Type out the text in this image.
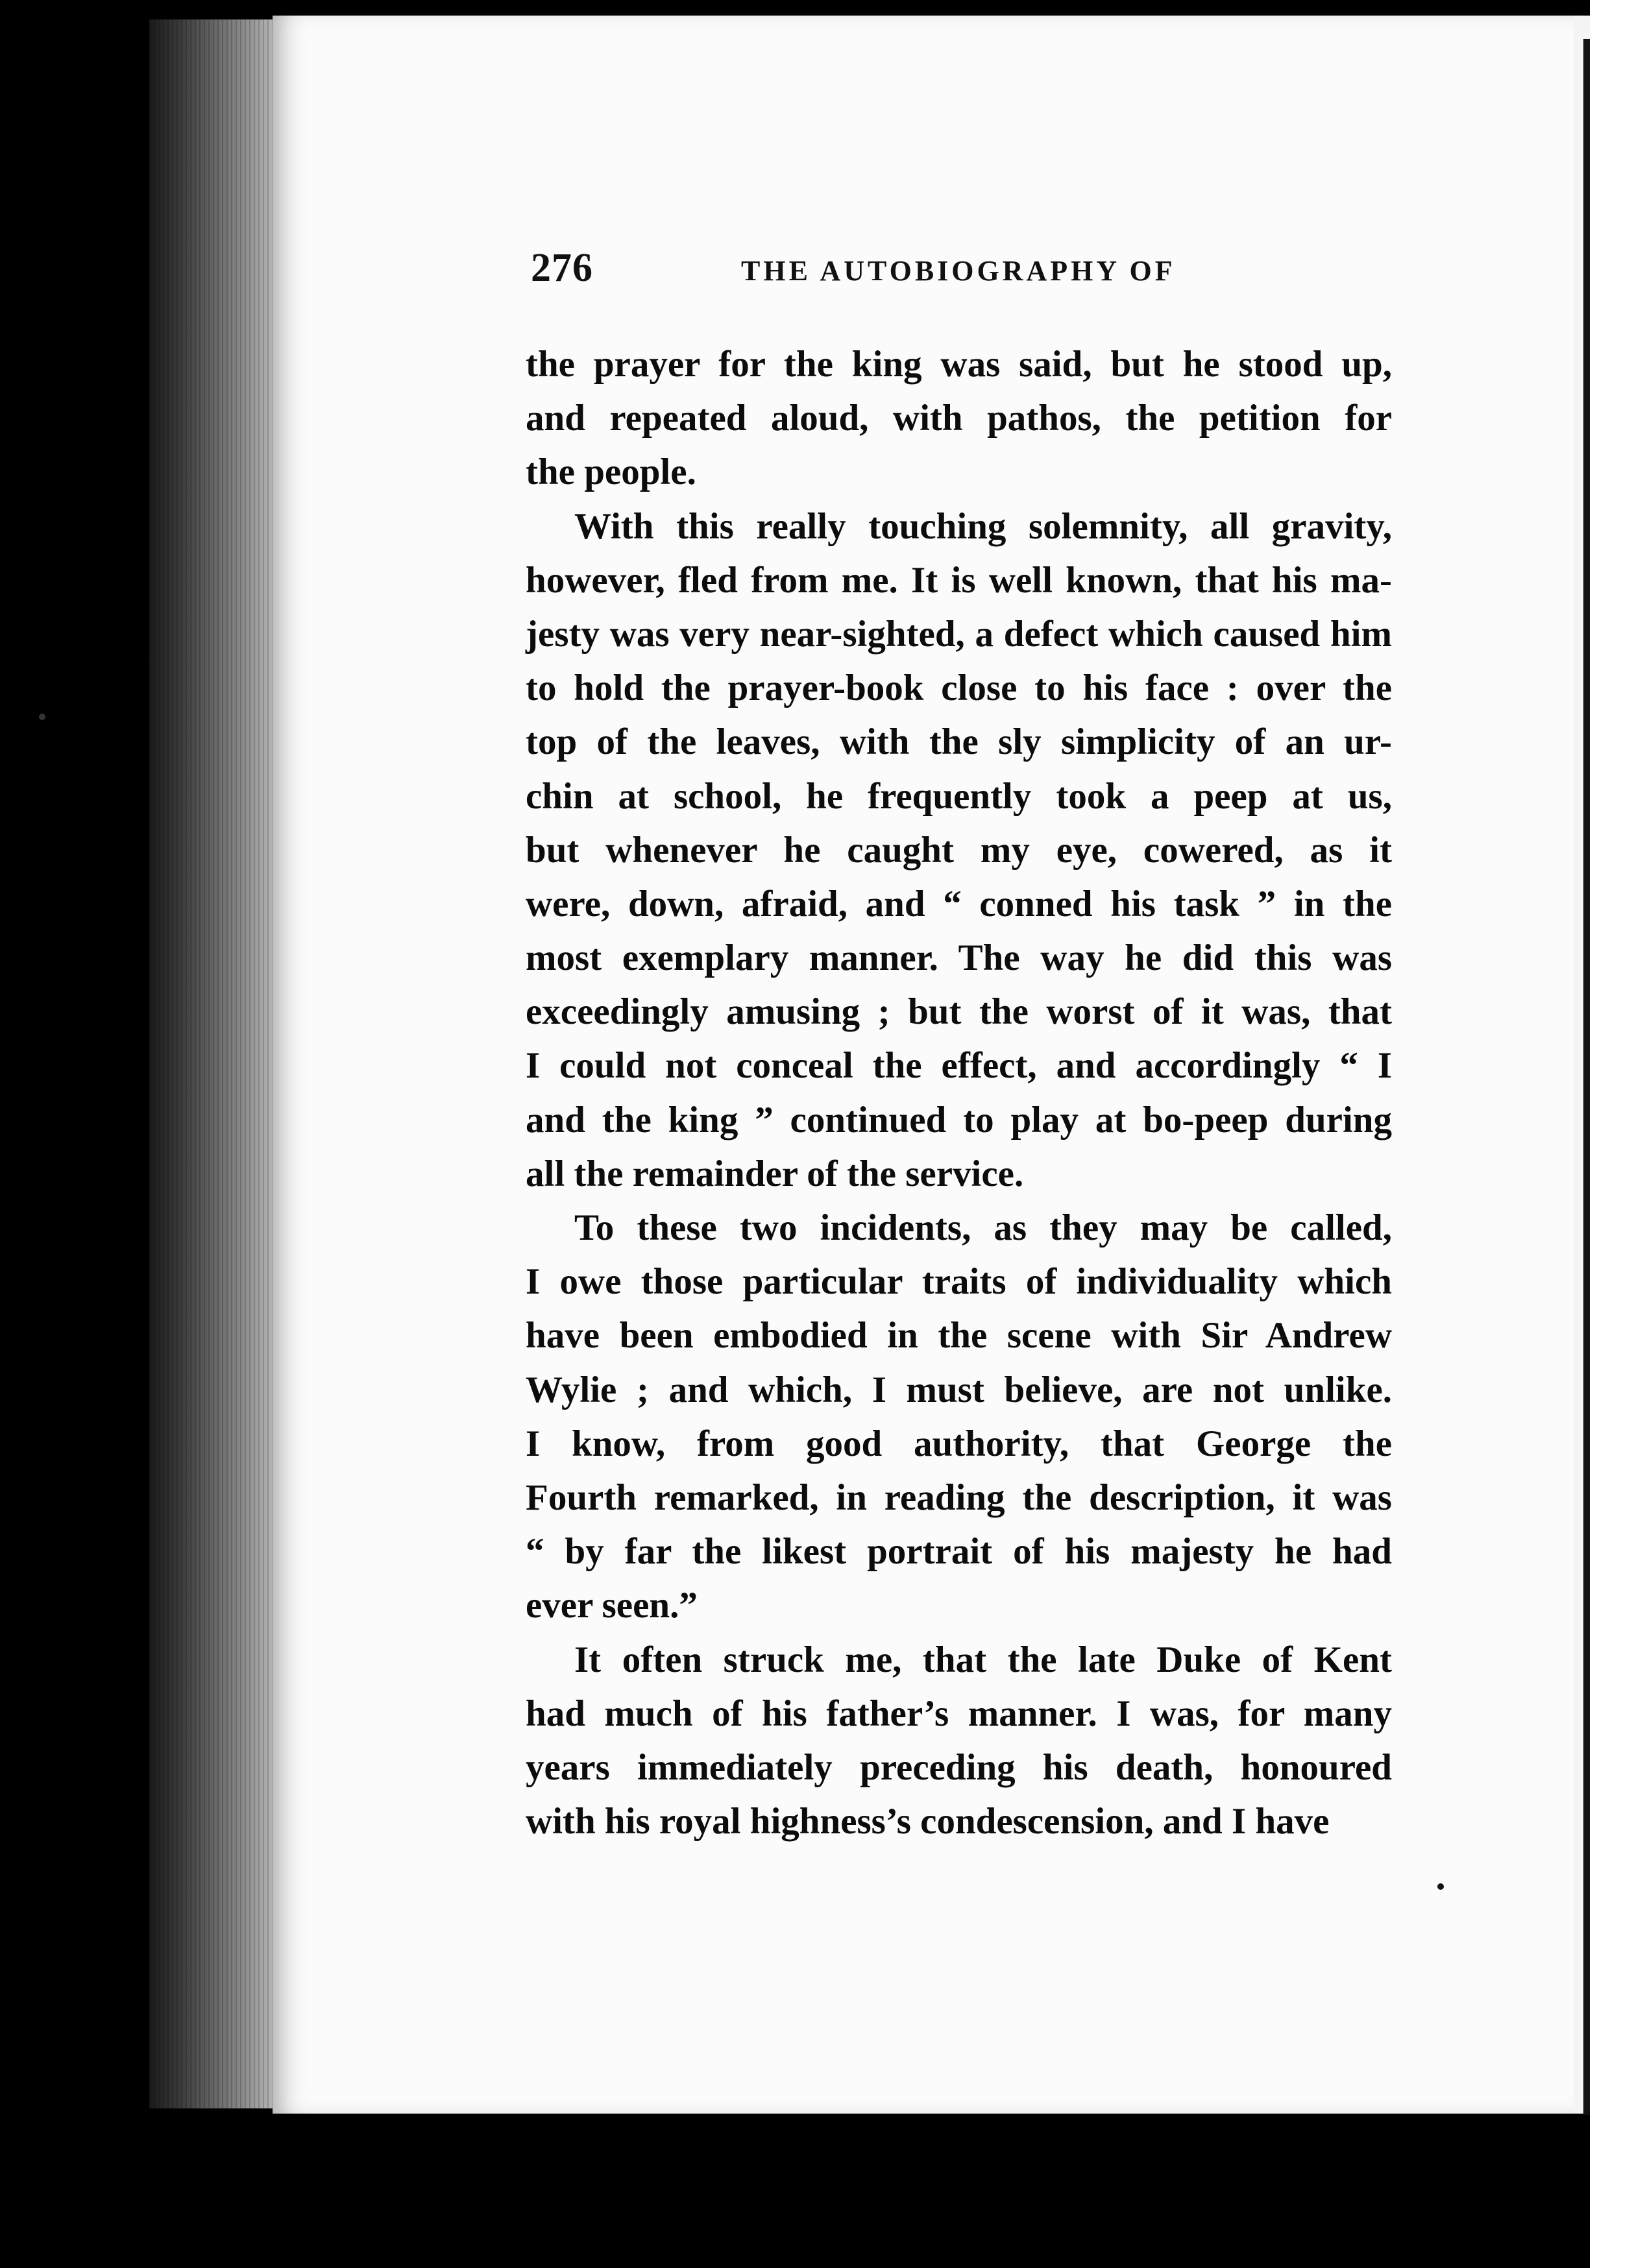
276	THE AUTOBIOGRAPHY OF
the prayer for the king was said, but he stood up,
and repeated aloud, with pathos, the petition for
the people.
With this really touching solemnity, all gravity,
however, fled from me. It is well known, that his ma-
jesty was very near-sighted, a defect which caused him
to hold the prayer-book close to his face : over the
top of the leaves, with the sly simplicity of an ur-
chin at school, he frequently took a peep at us,
but whenever he caught my eye, cowered, as it
were, down, afraid, and “ conned his task ” in the
most exemplary manner. The way he did this was
exceedingly amusing ; but the worst of it was, that
I could not conceal the effect, and accordingly “ I
and the king ” continued to play at bo-peep during
all the remainder of the service.
To these two incidents, as they may be called,
I owe those particular traits of individuality which
have been embodied in the scene with Sir Andrew
Wylie ; and which, I must believe, are not unlike.
I know, from good authority, that George the
Fourth remarked, in reading the description, it was
“ by far the likest portrait of his majesty he had
ever seen.”
It often struck me, that the late Duke of Kent
had much of his father’s manner. I was, for many
years immediately preceding his death, honoured
with his royal highness’s condescension, and I have
